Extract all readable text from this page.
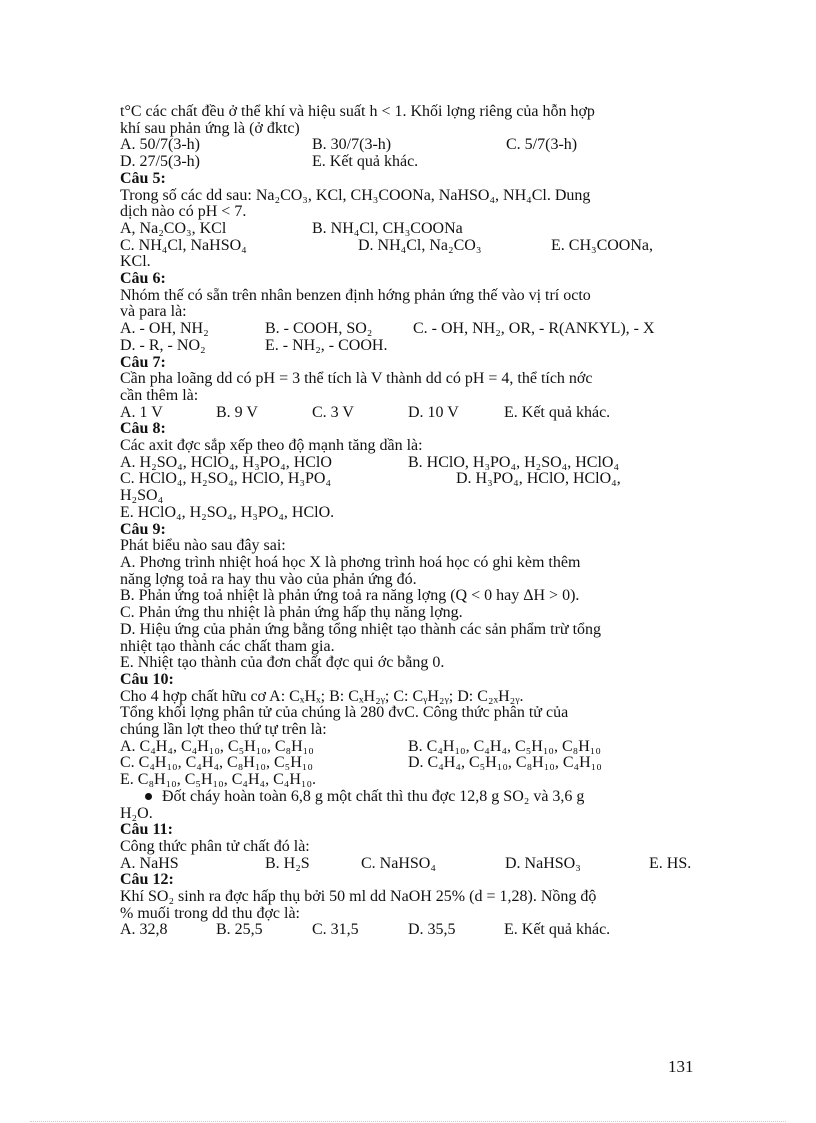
t°C các chất đều ở thể khí và hiệu suất h < 1. Khối lợng riêng của hỗn hợp
khí sau phản ứng là (ở đktc)
A. 50/7(3-h)	B. 30/7(3-h)	C. 5/7(3-h)
D. 27/5(3-h)	E. Kết quả khác.
Câu 5:
Trong số các dd sau: Na₂CO₃, KCl, CH₃COONa, NaHSO₄, NH₄Cl. Dung
dịch nào có pH < 7.
A, Na₂CO₃, KCl	B. NH₄Cl, CH₃COONa
C. NH₄Cl, NaHSO₄	D. NH₄Cl, Na₂CO₃	E. CH₃COONa,
KCl.
Câu 6:
Nhóm thế có sẵn trên nhân benzen định hớng phản ứng thế vào vị trí octo
và para là:
A. - OH, NH₂	B. - COOH, SO₂	C. - OH, NH₂, OR, - R(ANKYL), - X
D. - R, - NO₂	E. - NH₂, - COOH.
Câu 7:
Cần pha loãng dd có pH = 3 thể tích là V thành dd có pH = 4, thể tích nớc
cần thêm là:
A. 1 V	B. 9 V	C. 3 V	D. 10 V	E. Kết quả khác.
Câu 8:
Các axit đợc sắp xếp theo độ mạnh tăng dần là:
A. H₂SO₄, HClO₄, H₃PO₄, HClO	B. HClO, H₃PO₄, H₂SO₄, HClO₄
C. HClO₄, H₂SO₄, HClO, H₃PO₄	D. H₃PO₄, HClO, HClO₄,
H₂SO₄
E. HClO₄, H₂SO₄, H₃PO₄, HClO.
Câu 9:
Phát biểu nào sau đây sai:
A. Phơng trình nhiệt hoá học X là phơng trình hoá học có ghi kèm thêm
năng lợng toả ra hay thu vào của phản ứng đó.
B. Phản ứng toả nhiệt là phản ứng toả ra năng lợng (Q < 0 hay ΔH > 0).
C. Phản ứng thu nhiệt là phản ứng hấp thụ năng lợng.
D. Hiệu ứng của phản ứng bằng tổng nhiệt tạo thành các sản phẩm trừ tổng
nhiệt tạo thành các chất tham gia.
E. Nhiệt tạo thành của đơn chất đợc qui ớc bằng 0.
Câu 10:
Cho 4 hợp chất hữu cơ A: CₓHₓ; B: CₓH₂ᵧ; C: CᵧH₂ᵧ; D: C₂ₓH₂ᵧ.
Tổng khối lợng phân tử của chúng là 280 đvC. Công thức phân tử của
chúng lần lợt theo thứ tự trên là:
A. C₄H₄, C₄H₁₀, C₅H₁₀, C₈H₁₀	B. C₄H₁₀, C₄H₄, C₅H₁₀, C₈H₁₀
C. C₄H₁₀, C₄H₄, C₈H₁₀, C₅H₁₀	D. C₄H₄, C₅H₁₀, C₈H₁₀, C₄H₁₀
E. C₈H₁₀, C₅H₁₀, C₄H₄, C₄H₁₀.
Đốt cháy hoàn toàn 6,8 g một chất thì thu đợc 12,8 g SO₂ và 3,6 g
H₂O.
Câu 11:
Công thức phân tử chất đó là:
A. NaHS	B. H₂S	C. NaHSO₄	D. NaHSO₃	E. HS.
Câu 12:
Khí SO₂ sinh ra đợc hấp thụ bởi 50 ml dd NaOH 25% (d = 1,28). Nồng độ
% muối trong dd thu đợc là:
A. 32,8	B. 25,5	C. 31,5	D. 35,5	E. Kết quả khác.
131
